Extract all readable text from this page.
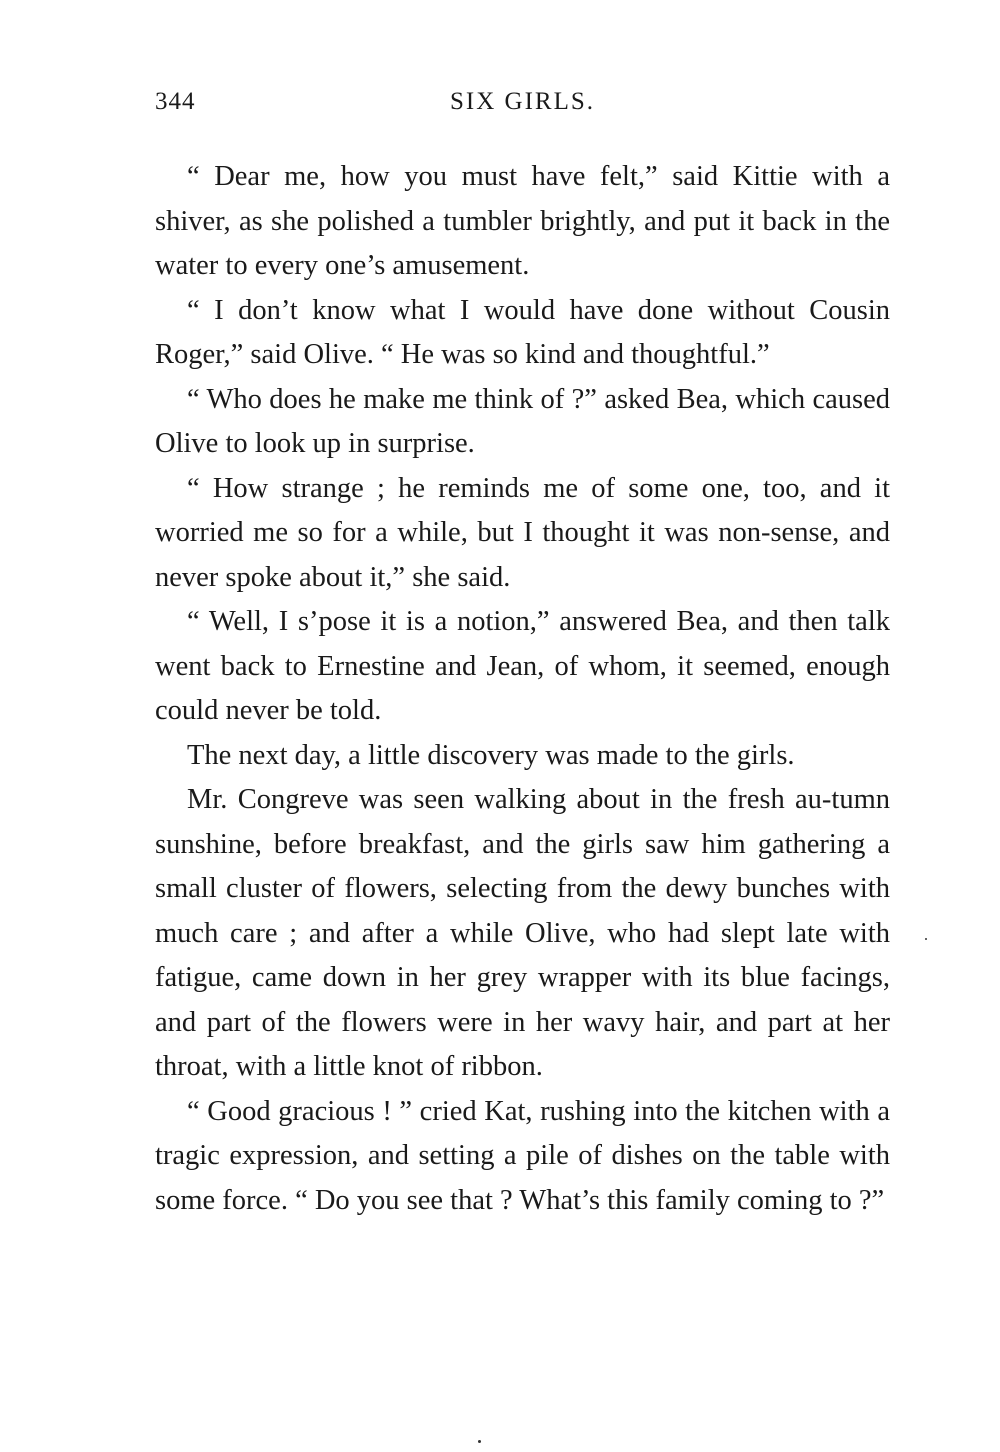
344	SIX GIRLS.

“ Dear me, how you must have felt,” said Kittie with a shiver, as she polished a tumbler brightly, and put it back in the water to every one’s amusement.

“ I don’t know what I would have done without Cousin Roger,” said Olive. “ He was so kind and thoughtful.”

“ Who does he make me think of ?” asked Bea, which caused Olive to look up in surprise.

“ How strange ; he reminds me of some one, too, and it worried me so for a while, but I thought it was non-sense, and never spoke about it,” she said.

“ Well, I s’pose it is a notion,” answered Bea, and then talk went back to Ernestine and Jean, of whom, it seemed, enough could never be told.

The next day, a little discovery was made to the girls.

Mr. Congreve was seen walking about in the fresh au-tumn sunshine, before breakfast, and the girls saw him gathering a small cluster of flowers, selecting from the dewy bunches with much care ; and after a while Olive, who had slept late with fatigue, came down in her grey wrapper with its blue facings, and part of the flowers were in her wavy hair, and part at her throat, with a little knot of ribbon.

“ Good gracious ! ” cried Kat, rushing into the kitchen with a tragic expression, and setting a pile of dishes on the table with some force. “ Do you see that ? What’s this family coming to ?”
